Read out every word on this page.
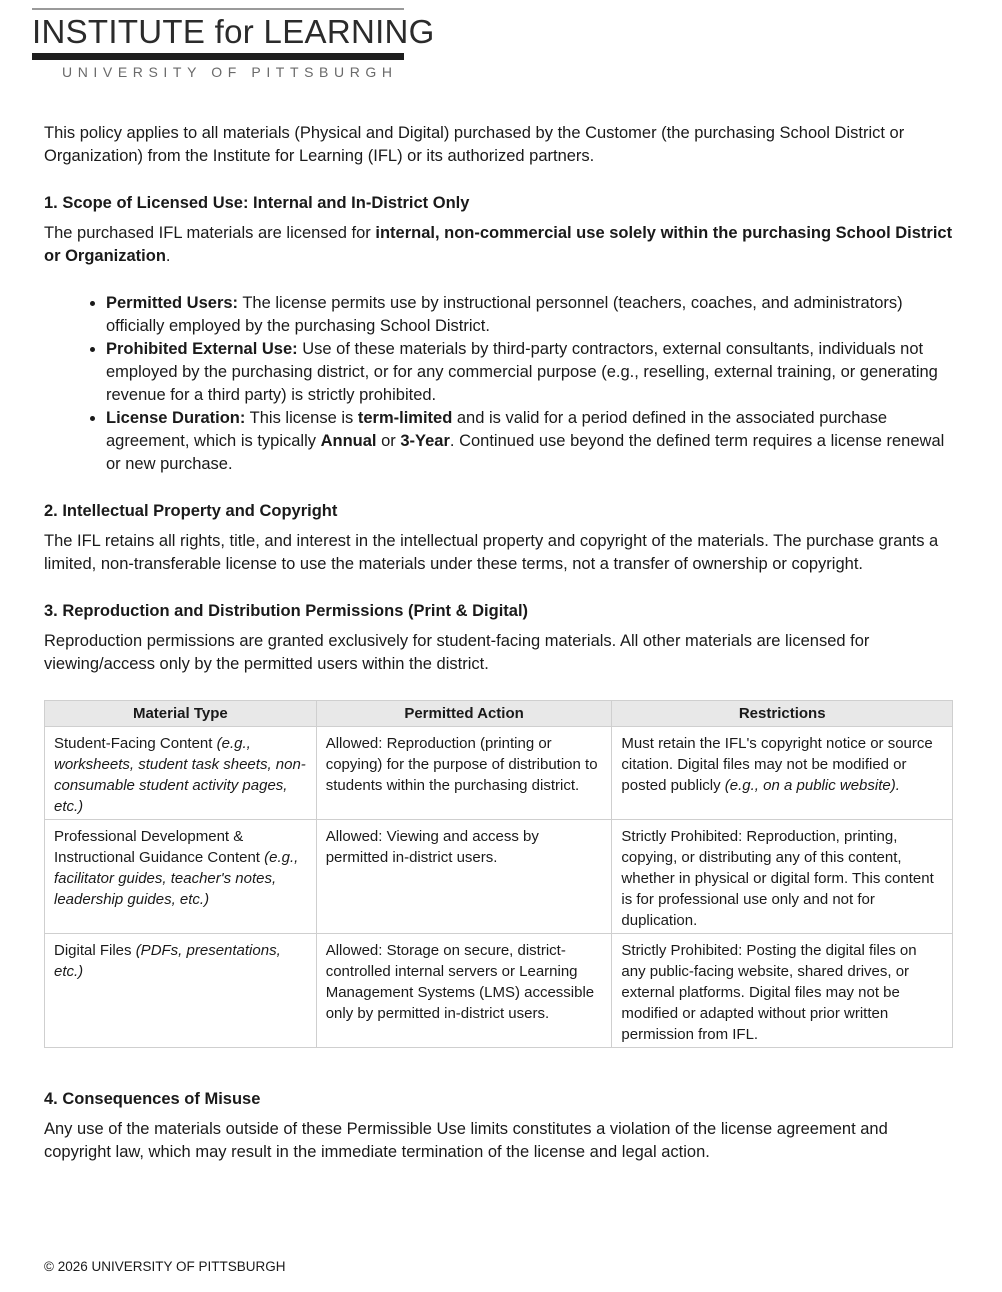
INSTITUTE for LEARNING
UNIVERSITY OF PITTSBURGH

This policy applies to all materials (Physical and Digital) purchased by the Customer (the purchasing School District or Organization) from the Institute for Learning (IFL) or its authorized partners.

1. Scope of Licensed Use: Internal and In-District Only

The purchased IFL materials are licensed for internal, non-commercial use solely within the purchasing School District or Organization.

• Permitted Users: The license permits use by instructional personnel (teachers, coaches, and administrators) officially employed by the purchasing School District.
• Prohibited External Use: Use of these materials by third-party contractors, external consultants, individuals not employed by the purchasing district, or for any commercial purpose (e.g., reselling, external training, or generating revenue for a third party) is strictly prohibited.
• License Duration: This license is term-limited and is valid for a period defined in the associated purchase agreement, which is typically Annual or 3-Year. Continued use beyond the defined term requires a license renewal or new purchase.
2. Intellectual Property and Copyright

The IFL retains all rights, title, and interest in the intellectual property and copyright of the materials. The purchase grants a limited, non-transferable license to use the materials under these terms, not a transfer of ownership or copyright.

3. Reproduction and Distribution Permissions (Print & Digital)

Reproduction permissions are granted exclusively for student-facing materials. All other materials are licensed for viewing/access only by the permitted users within the district.

Material Type	Permitted Action	Restrictions
Student-Facing Content (e.g., worksheets, student task sheets, non-consumable student activity pages, etc.)	Allowed: Reproduction (printing or copying) for the purpose of distribution to students within the purchasing district.	Must retain the IFL's copyright notice or source citation. Digital files may not be modified or posted publicly (e.g., on a public website).
Professional Development & Instructional Guidance Content (e.g., facilitator guides, teacher's notes, leadership guides, etc.)	Allowed: Viewing and access by permitted in-district users.	Strictly Prohibited: Reproduction, printing, copying, or distributing any of this content, whether in physical or digital form. This content is for professional use only and not for duplication.
Digital Files (PDFs, presentations, etc.)	Allowed: Storage on secure, district-controlled internal servers or Learning Management Systems (LMS) accessible only by permitted in-district users.	Strictly Prohibited: Posting the digital files on any public-facing website, shared drives, or external platforms. Digital files may not be modified or adapted without prior written permission from IFL.
4. Consequences of Misuse

Any use of the materials outside of these Permissible Use limits constitutes a violation of the license agreement and copyright law, which may result in the immediate termination of the license and legal action.

© 2026 UNIVERSITY OF PITTSBURGH
